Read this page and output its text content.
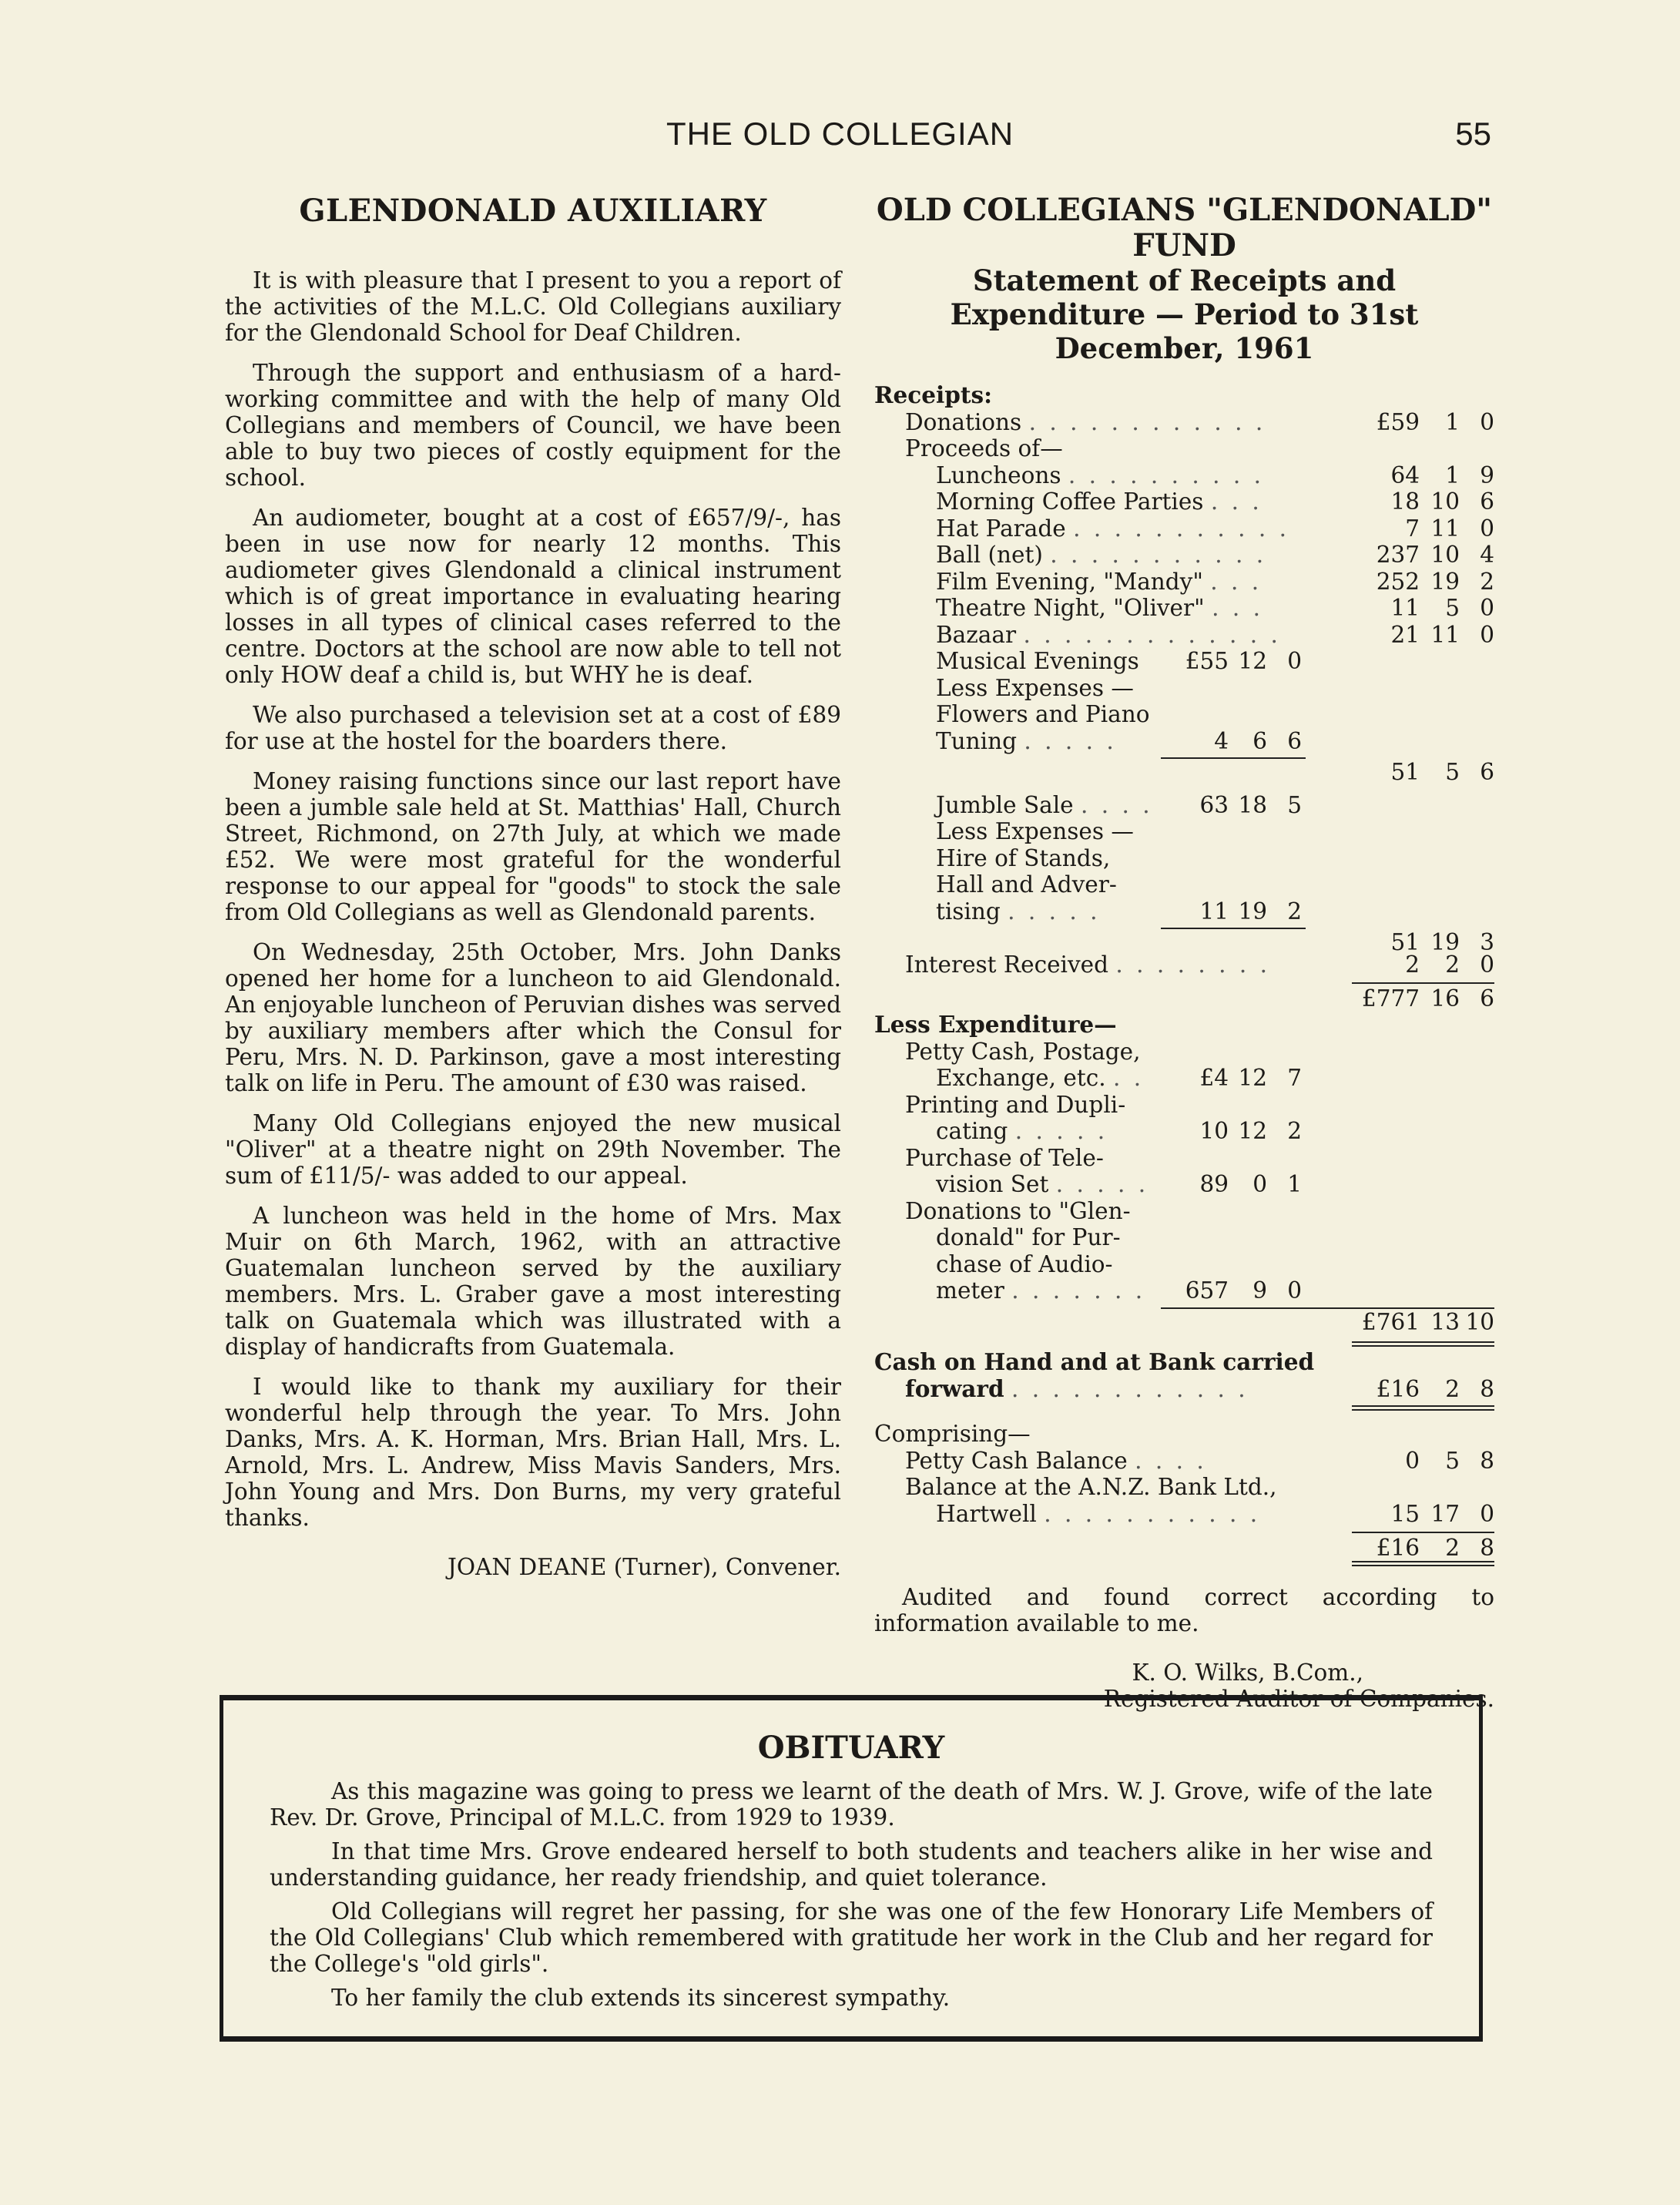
THE OLD COLLEGIAN	55
GLENDONALD AUXILIARY

It is with pleasure that I present to you a report of the activities of the M.L.C. Old Collegians auxiliary for the Glendonald School for Deaf Children.

Through the support and enthusiasm of a hard-working committee and with the help of many Old Collegians and members of Council, we have been able to buy two pieces of costly equipment for the school.

An audiometer, bought at a cost of £657/9/-, has been in use now for nearly 12 months. This audiometer gives Glendonald a clinical instrument which is of great importance in evaluating hearing losses in all types of clinical cases referred to the centre. Doctors at the school are now able to tell not only HOW deaf a child is, but WHY he is deaf.

We also purchased a television set at a cost of £89 for use at the hostel for the boarders there.

Money raising functions since our last report have been a jumble sale held at St. Matthias' Hall, Church Street, Richmond, on 27th July, at which we made £52. We were most grateful for the wonderful response to our appeal for "goods" to stock the sale from Old Collegians as well as Glendonald parents.

On Wednesday, 25th October, Mrs. John Danks opened her home for a luncheon to aid Glendonald. An enjoyable luncheon of Peruvian dishes was served by auxiliary members after which the Consul for Peru, Mrs. N. D. Parkinson, gave a most interesting talk on life in Peru. The amount of £30 was raised.

Many Old Collegians enjoyed the new musical "Oliver" at a theatre night on 29th November. The sum of £11/5/- was added to our appeal.

A luncheon was held in the home of Mrs. Max Muir on 6th March, 1962, with an attractive Guatemalan luncheon served by the auxiliary members. Mrs. L. Graber gave a most interesting talk on Guatemala which was illustrated with a display of handicrafts from Guatemala.

I would like to thank my auxiliary for their wonderful help through the year. To Mrs. John Danks, Mrs. A. K. Horman, Mrs. Brian Hall, Mrs. L. Arnold, Mrs. L. Andrew, Miss Mavis Sanders, Mrs. John Young and Mrs. Don Burns, my very grateful thanks.

JOAN DEANE (Turner), Convener.
OLD COLLEGIANS "GLENDONALD" FUND
Statement of Receipts and Expenditure — Period to 31st December, 1961
Receipts:
Donations . . . . . . . . . . . .	£59	1 0
Proceeds of—
Luncheons . . . . . . . . . .	64	1 9
Morning Coffee Parties . . .	18 10 6
Hat Parade . . . . . . . . . . .	7 11 0
Ball (net) . . . . . . . . . . .	237 10 4
Film Evening, "Mandy" . . .	252 19 2
Theatre Night, "Oliver" . . .	11	5 0
Bazaar . . . . . . . . . . . . .	21 11 0
Musical Evenings £55 12 0
Less Expenses —
Flowers and Piano
Tuning . . . . .	4	6 6
51	5 6
Jumble Sale . . . .	63 18 5
Less Expenses —
Hire of Stands,
Hall and Adver-
tising . . . . .	11 19 2
51 19 3
Interest Received . . . . . . . .	2	2 0
£777 16 6
Less Expenditure—
Petty Cash, Postage,
Exchange, etc. . .	£4 12 7
Printing and Dupli-
cating . . . . .	10 12 2
Purchase of Tele-
vision Set . . . . .	89	0 1
Donations to "Glen-
donald" for Pur-
chase of Audio-
meter . . . . . . . 657	9 0
£761 13 10
Cash on Hand and at Bank carried
forward . . . . . . . . . . . .	£16	2 8
Comprising—
Petty Cash Balance . . . .	0	5 8
Balance at the A.N.Z. Bank Ltd.,
Hartwell . . . . . . . . . . .	15 17 0
£16	2 8

Audited and found correct according to information available to me.

K. O. Wilks, B.Com.,
Registered Auditor of Companies.
OBITUARY

As this magazine was going to press we learnt of the death of Mrs. W. J. Grove, wife of the late Rev. Dr. Grove, Principal of M.L.C. from 1929 to 1939.

In that time Mrs. Grove endeared herself to both students and teachers alike in her wise and understanding guidance, her ready friendship, and quiet tolerance.

Old Collegians will regret her passing, for she was one of the few Honorary Life Members of the Old Collegians' Club which remembered with gratitude her work in the Club and her regard for the College's "old girls".

To her family the club extends its sincerest sympathy.
